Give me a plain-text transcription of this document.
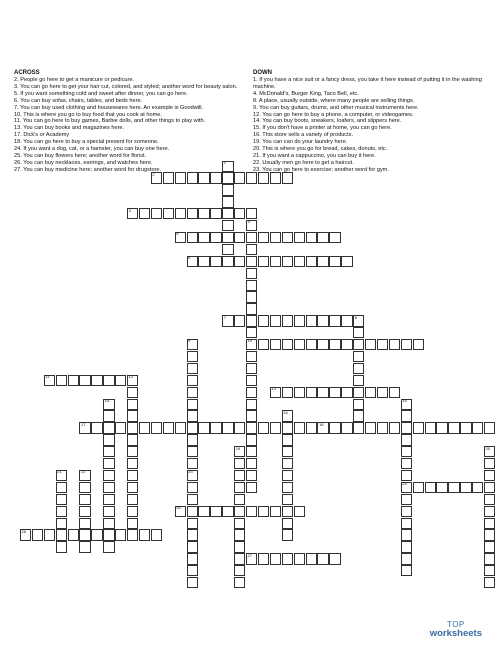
ACROSS

2. People go here to get a manicure or pedicure.

3. You can go here to get your hair cut, colored, and styled; another word for beauty salon.

5. If you want something cold and sweet after dinner, you can go here.

6. You can buy sofas, chairs, tables, and beds here.

7. You can buy used clothing and housewares here. An example is Goodwill.

10. This is where you go to buy food that you cook at home.

11. You can go here to buy games, Barbie dolls, and other things to play with.

13. You can buy books and magazines here.

17. Dick's or Academy

18. You can go here to buy a special present for someone.

24. If you want a dog, cat, or a hamster, you can buy one here.

25. You can buy flowers here; another word for florist.

26. You can buy necklaces, earrings, and watches here.

27. You can buy medicine here; another word for drugstore.

DOWN

1. If you have a nice suit or a fancy dress, you take it here instead of putting it in the washing machine.

4. McDonald's, Burger King, Taco Bell, etc.

8. A place, usually outside, where many people are selling things.

9. You can buy guitars, drums, and other musical instruments here.

12. You can go here to buy a phone, a computer, or videogames.

14. You can buy boots, sneakers, loafers, and slippers here.

15. If you don't have a printer at home, you can go here.

16. This store sells a variety of products.

19. You can can do your laundry here.

20. This is where you go for bread, cakes, donuts, etc.

21. If you want a cappuccino, you can buy it here.

22. Usually men go here to get a haircut.

23. You can go here to exercise; another word for gym.

1
2
3
4
10
5
6
7	8
9
23
11	12
13
14	15
24
16
17	18
19	20
21	22
25
26
27
TOP
worksheets
